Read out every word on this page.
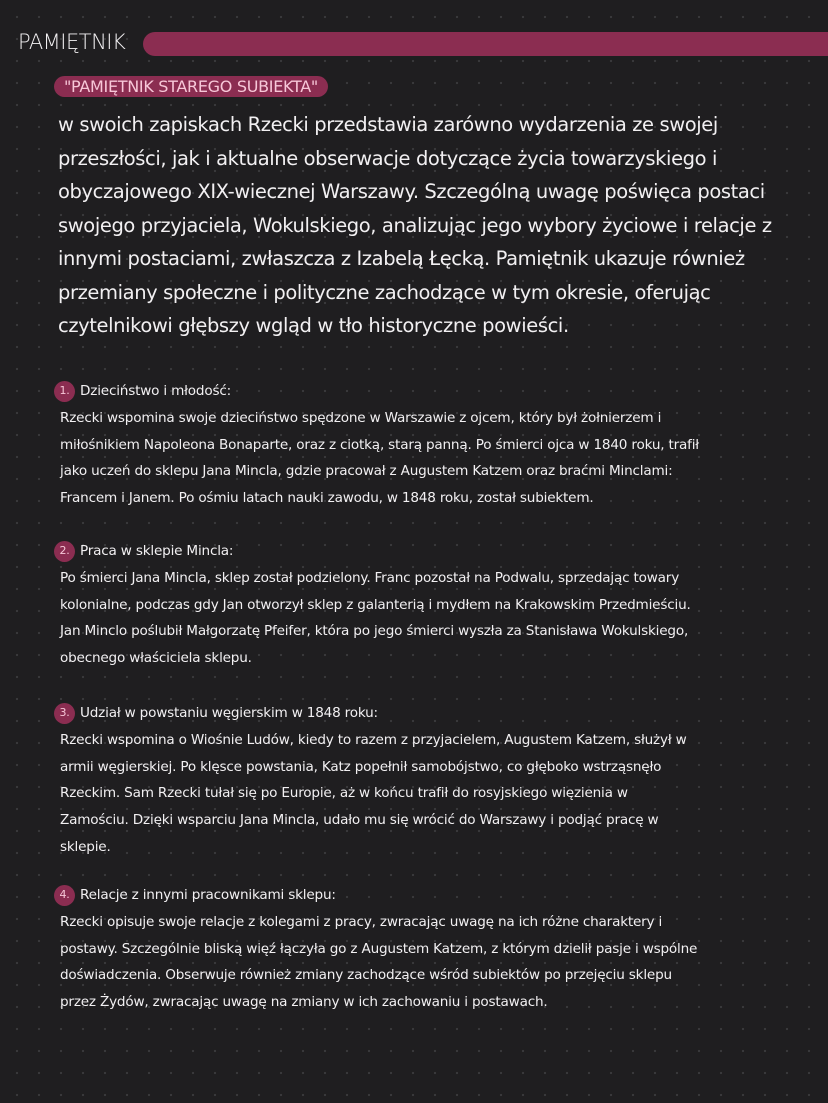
PAMIĘTNIK
"PAMIĘTNIK STAREGO SUBIEKTA"
w swoich zapiskach Rzecki przedstawia zarówno wydarzenia ze swojej
przeszłości, jak i aktualne obserwacje dotyczące życia towarzyskiego i
obyczajowego XIX-wiecznej Warszawy. Szczególną uwagę poświęca postaci
swojego przyjaciela, Wokulskiego, analizując jego wybory życiowe i relacje z
innymi postaciami, zwłaszcza z Izabelą Łęcką. Pamiętnik ukazuje również
przemiany społeczne i polityczne zachodzące w tym okresie, oferując
czytelnikowi głębszy wgląd w tło historyczne powieści.
1. Dzieciństwo i młodość:
Rzecki wspomina swoje dzieciństwo spędzone w Warszawie z ojcem, który był żołnierzem i
miłośnikiem Napoleona Bonaparte, oraz z ciotką, starą panną. Po śmierci ojca w 1840 roku, trafił
jako uczeń do sklepu Jana Mincla, gdzie pracował z Augustem Katzem oraz braćmi Minclami:
Francem i Janem. Po ośmiu latach nauki zawodu, w 1848 roku, został subiektem.
2. Praca w sklepie Mincla:
Po śmierci Jana Mincla, sklep został podzielony. Franc pozostał na Podwalu, sprzedając towary
kolonialne, podczas gdy Jan otworzył sklep z galanterią i mydłem na Krakowskim Przedmieściu.
Jan Minclo poślubił Małgorzatę Pfeifer, która po jego śmierci wyszła za Stanisława Wokulskiego,
obecnego właściciela sklepu.
3. Udział w powstaniu węgierskim w 1848 roku:
Rzecki wspomina o Wiośnie Ludów, kiedy to razem z przyjacielem, Augustem Katzem, służył w
armii węgierskiej. Po klęsce powstania, Katz popełnił samobójstwo, co głęboko wstrząsnęło
Rzeckim. Sam Rzecki tułał się po Europie, aż w końcu trafił do rosyjskiego więzienia w
Zamościu. Dzięki wsparciu Jana Mincla, udało mu się wrócić do Warszawy i podjąć pracę w
sklepie.
4. Relacje z innymi pracownikami sklepu:
Rzecki opisuje swoje relacje z kolegami z pracy, zwracając uwagę na ich różne charaktery i
postawy. Szczególnie bliską więź łączyła go z Augustem Katzem, z którym dzielił pasje i wspólne
doświadczenia. Obserwuje również zmiany zachodzące wśród subiektów po przejęciu sklepu
przez Żydów, zwracając uwagę na zmiany w ich zachowaniu i postawach.
